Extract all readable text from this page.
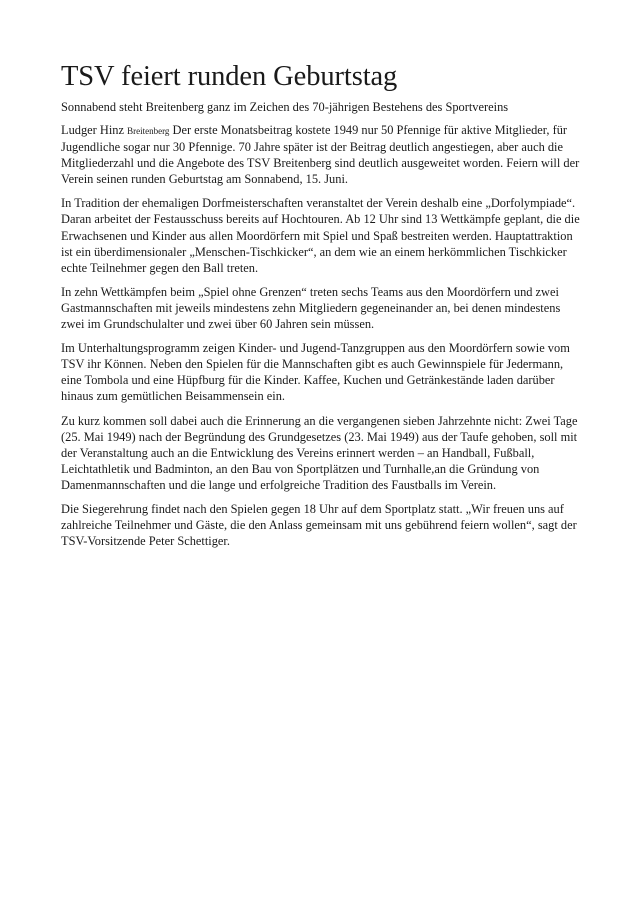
TSV feiert runden Geburtstag

Sonnabend steht Breitenberg ganz im Zeichen des 70-jährigen Bestehens des Sportvereins

Ludger Hinz Breitenberg Der erste Monatsbeitrag kostete 1949 nur 50 Pfennige für aktive Mitglieder, für Jugendliche sogar nur 30 Pfennige. 70 Jahre später ist der Beitrag deutlich angestiegen, aber auch die Mitgliederzahl und die Angebote des TSV Breitenberg sind deutlich ausgeweitet worden. Feiern will der Verein seinen runden Geburtstag am Sonnabend, 15. Juni.

In Tradition der ehemaligen Dorfmeisterschaften veranstaltet der Verein deshalb eine „Dorfolympiade“. Daran arbeitet der Festausschuss bereits auf Hochtouren. Ab 12 Uhr sind 13 Wettkämpfe geplant, die die Erwachsenen und Kinder aus allen Moordörfern mit Spiel und Spaß bestreiten werden. Hauptattraktion ist ein überdimensionaler „Menschen-Tischkicker“, an dem wie an einem herkömmlichen Tischkicker echte Teilnehmer gegen den Ball treten.

In zehn Wettkämpfen beim „Spiel ohne Grenzen“ treten sechs Teams aus den Moordörfern und zwei Gastmannschaften mit jeweils mindestens zehn Mitgliedern gegeneinander an, bei denen mindestens zwei im Grundschulalter und zwei über 60 Jahren sein müssen.

Im Unterhaltungsprogramm zeigen Kinder- und Jugend-Tanzgruppen aus den Moordörfern sowie vom TSV ihr Können. Neben den Spielen für die Mannschaften gibt es auch Gewinnspiele für Jedermann, eine Tombola und eine Hüpfburg für die Kinder. Kaffee, Kuchen und Getränkestände laden darüber hinaus zum gemütlichen Beisammensein ein.

Zu kurz kommen soll dabei auch die Erinnerung an die vergangenen sieben Jahrzehnte nicht: Zwei Tage (25. Mai 1949) nach der Begründung des Grundgesetzes (23. Mai 1949) aus der Taufe gehoben, soll mit der Veranstaltung auch an die Entwicklung des Vereins erinnert werden – an Handball, Fußball, Leichtathletik und Badminton, an den Bau von Sportplätzen und Turnhalle,an die Gründung von Damenmannschaften und die lange und erfolgreiche Tradition des Faustballs im Verein.

Die Siegerehrung findet nach den Spielen gegen 18 Uhr auf dem Sportplatz statt. „Wir freuen uns auf zahlreiche Teilnehmer und Gäste, die den Anlass gemeinsam mit uns gebührend feiern wollen“, sagt der TSV-Vorsitzende Peter Schettiger.
